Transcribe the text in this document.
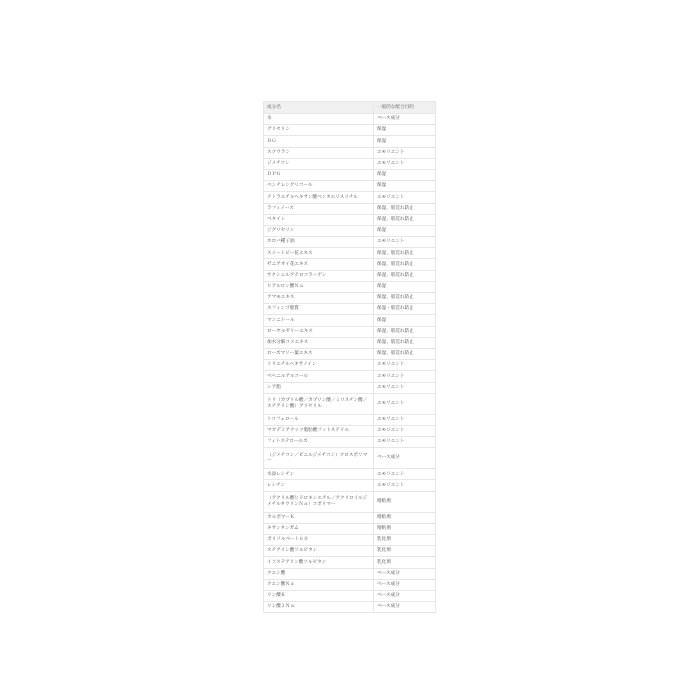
成分名	一般的な配合目的
水	ベース成分
グリセリン	保湿
ＢＧ	保湿
スクワラン	エモリエント
ジメチコン	エモリエント
ＤＰＧ	保湿
ペンチレングリコール	保湿
テトラエチルヘキサン酸ペンタエリスリチル	エモリエント
ラフィノース	保湿、肌荒れ防止
ベタイン	保湿、肌荒れ防止
ジグリセリン	保湿
ホホバ種子油	エモリエント
スイートピー花エキス	保湿、肌荒れ防止
ゼニアオイ花エキス	保湿、肌荒れ防止
サクシニルアテロコラーゲン	保湿、肌荒れ防止
ヒアルロン酸Ｎａ	保湿
アマモエキス	保湿、肌荒れ防止
スフィンゴ脂質	保湿・肌荒れ防止
マンニトール	保湿
ローヤルゼリーエキス	保湿、肌荒れ防止
加水分解コメエキス	保湿、肌荒れ防止
ローズマリー葉エキス	保湿、肌荒れ防止
トリエチルヘキサノイン	エモリエント
ベヘニルアルコール	エモリエント
シア脂	エモリエント
トリ（カプリル酸／カプリン酸／ミリスチン酸／ステアリン酸）グリセリル	エモリエント
トコフェロール	エモリエント
マカデミアナッツ脂肪酸フィトステリル	エモリエント
フィトステロールズ	エモリエント
（ジメチコン／ビニルジメチコン）クロスポリマー	ベース成分
水添レシチン	エモリエント
レシチン	エモリエント
（アクリル酸ヒドロキシエチル／アクリロイルジメチルタウリンＮａ）コポリマー	増粘剤
カルボマーＫ	増粘剤
キサンタンガム	増粘剤
ポリソルベート６０	乳化剤
ステアリン酸ソルビタン	乳化剤
イソステアリン酸ソルビタン	乳化剤
クエン酸	ベース成分
クエン酸Ｎａ	ベース成分
リン酸Ｋ	ベース成分
リン酸２Ｎａ	ベース成分
